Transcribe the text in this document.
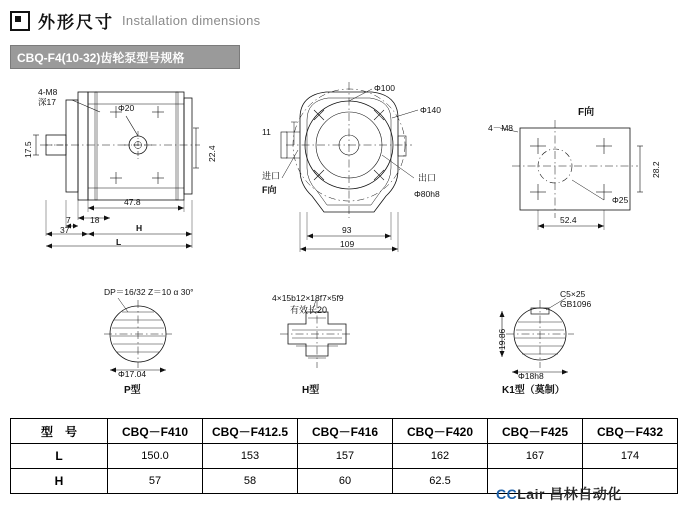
外形尺寸 Installation dimensions
CBQ-F4(10-32)齿轮泵型号规格
4-M8
深17
Φ20
17.5	22.4
47.8
7 18
37	H
L
Φ100
Φ140
11
进口
F向
出口
Φ80h8
93
109
F向
4－M8
28.2
52.4
Φ25
DP＝16/32 Z＝10 α 30°
Φ17.04
P型
4×15b12×18f7×5f9
有效长20
H型
C5×25
GB1096
19.86
Φ18h8
K1型（莫制）
型　号	CBQ－F410	CBQ－F412.5	CBQ－F416	CBQ－F420	CBQ－F425	CBQ－F432
L	150.0	153	157	162	167	174
H	57	58	60	62.5		
CCLair 昌林自动化
